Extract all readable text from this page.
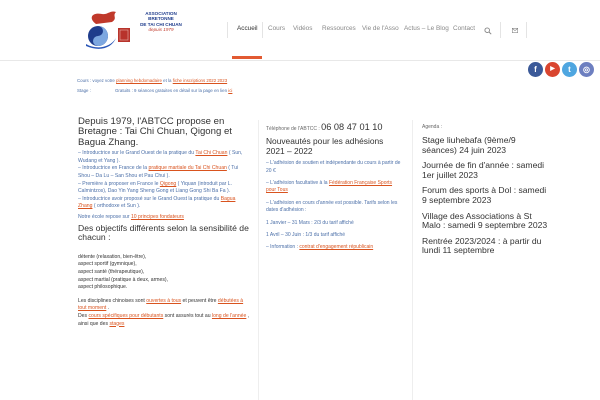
ASSOCIATION BRETONNE
DE TAI CHI CHUAN
depuis 1979	Accueil Cours Vidéos Ressources Vie de l'Asso Actus – Le Blog Contact
f	▶	t	◎
Cours : voyez votre planning hebdomadaire et la fiche inscriptions 2022 2023
Stage :	Gratuits : 9 séances gratuites en détail sur la page en lien ici
Depuis 1979, l'ABTCC propose en Bretagne : Tai Chi Chuan, Qigong et Bagua Zhang.

– Introductrice sur le Grand Ouest de la pratique du Tai Chi Chuan ( Sun, Wudang et Yang ).

– Introductrice en France de la pratique martiale du Tai Chi Chuan ( Tui Shou – Da Lu – San Shou et Pau Chui ).

– Première à proposer en France le Qigong ( Yiquan (introduit par L. Calmintzos), Dao Yin Yang Sheng Gong et Liang Gong Shi Ba Fa ).

– Introductrice avoir proposé sur le Grand Ouest la pratique du Bagua Zhang ( orthodoxe et Sun ).

Notre école repose sur 10 principes fondateurs

Des objectifs différents selon la sensibilité de chacun :

détente (relaxation, bien-être),

aspect sportif (gymnique),

aspect santé (thérapeutique),

aspect martial (pratique à deux, armes),

aspect philosophique.

Les disciplines chinoises sont ouvertes à tous et peuvent être débutées à tout moment .

Des cours spécifiques pour débutants sont assurés tout au long de l'année , ainsi que des stages

Téléphone de l'ABTCC : 06 08 47 01 10
Nouveautés pour les adhésions 2021 – 2022

– L'adhésion de soutien et indépendante du cours à partir de 20 €

– L'adhésion facultative à la Fédération Française Sports pour Tous

– L'adhésion en cours d'année est possible. Tarifs selon les dates d'adhésion :

1 Janvier – 31 Mars : 2/3 du tarif affiché

1 Avril – 30 Juin : 1/3 du tarif affiché

– Information : contrat d'engagement républicain

Agenda :
Stage liuhebafa (9ème/9 séances) 24 juin 2023
Journée de fin d'année : samedi 1er juillet 2023
Forum des sports à Dol : samedi 9 septembre 2023
Village des Associations à St Malo : samedi 9 septembre 2023
Rentrée 2023/2024 : à partir du lundi 11 septembre
